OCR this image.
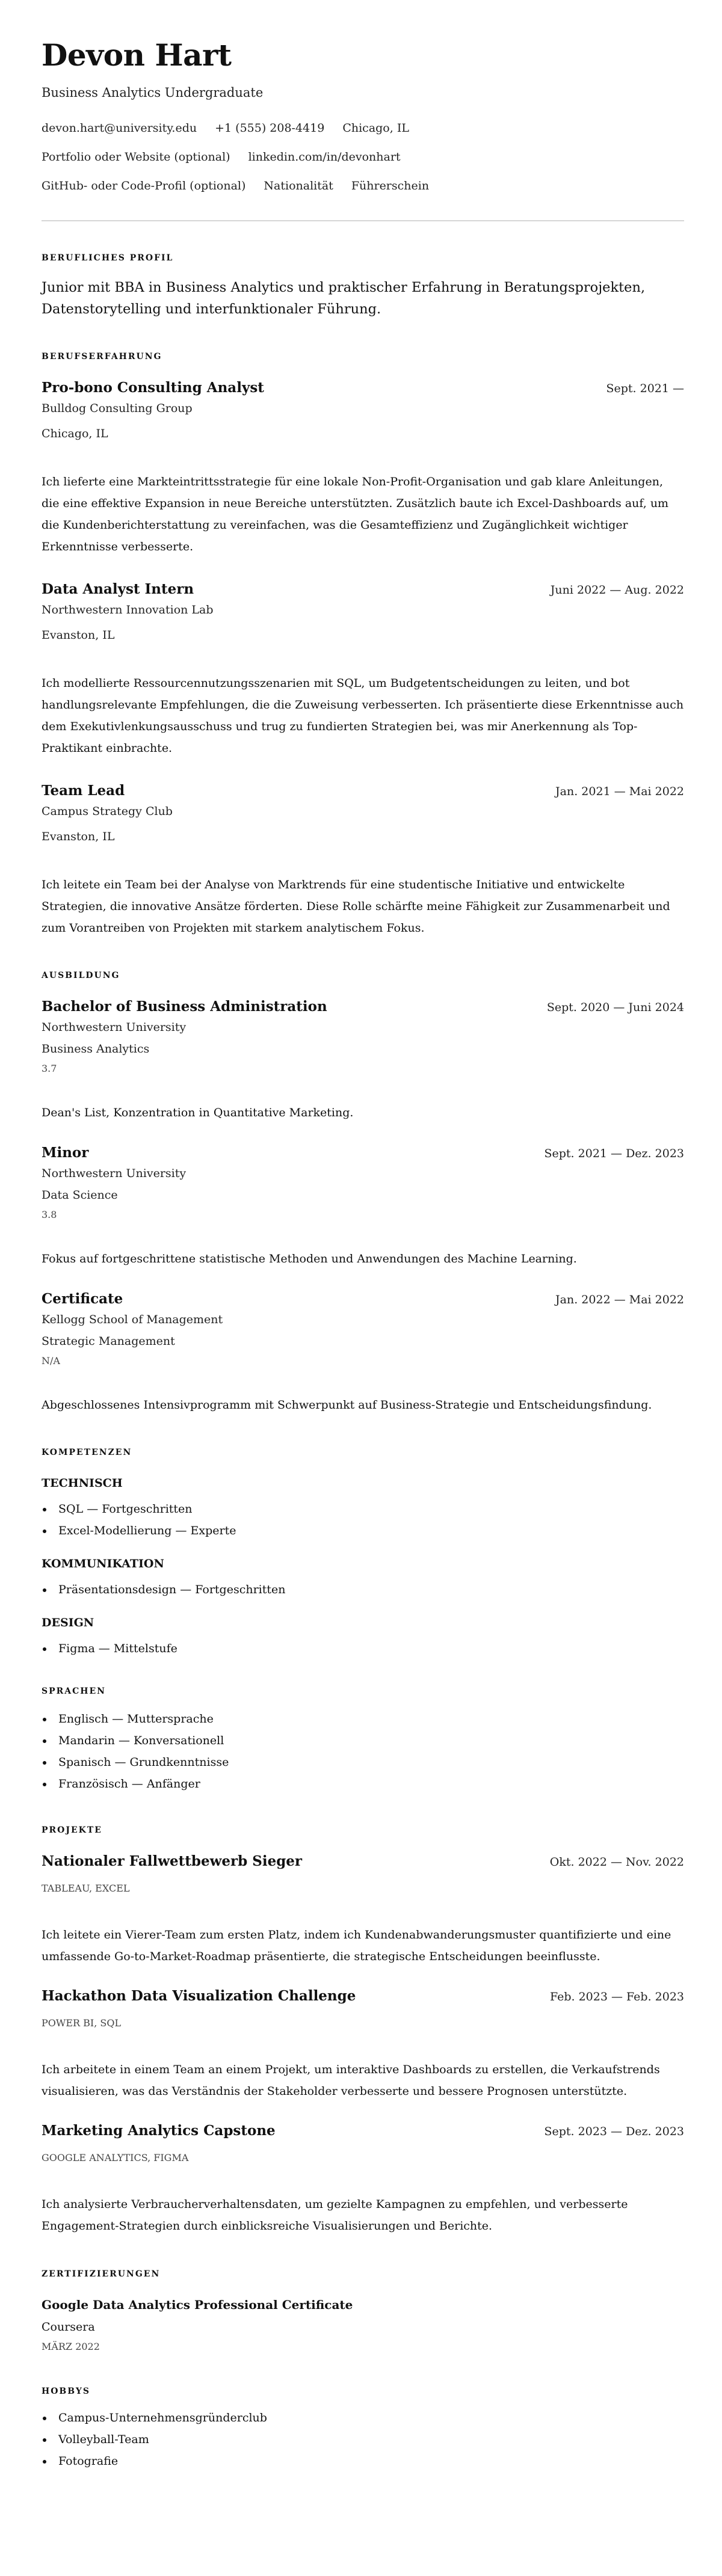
Devon Hart
Business Analytics Undergraduate
devon.hart@university.edu +1 (555) 208-4419 Chicago, IL
Portfolio oder Website (optional) linkedin.com/in/devonhart
GitHub- oder Code-Profil (optional) Nationalität Führerschein
BERUFLICHES PROFIL
Junior mit BBA in Business Analytics und praktischer Erfahrung in Beratungsprojekten, Datenstorytelling und interfunktionaler Führung.
BERUFSERFAHRUNG
Pro-bono Consulting Analyst	Sept. 2021 —
Bulldog Consulting Group
Chicago, IL
Ich lieferte eine Markteintrittsstrategie für eine lokale Non-Profit-Organisation und gab klare Anleitungen, die eine effektive Expansion in neue Bereiche unterstützten. Zusätzlich baute ich Excel-Dashboards auf, um die Kundenberichterstattung zu vereinfachen, was die Gesamteffizienz und Zugänglichkeit wichtiger Erkenntnisse verbesserte.
Data Analyst Intern	Juni 2022 — Aug. 2022
Northwestern Innovation Lab
Evanston, IL
Ich modellierte Ressourcennutzungsszenarien mit SQL, um Budgetentscheidungen zu leiten, und bot handlungsrelevante Empfehlungen, die die Zuweisung verbesserten. Ich präsentierte diese Erkenntnisse auch dem Exekutivlenkungsausschuss und trug zu fundierten Strategien bei, was mir Anerkennung als Top-Praktikant einbrachte.
Team Lead	Jan. 2021 — Mai 2022
Campus Strategy Club
Evanston, IL
Ich leitete ein Team bei der Analyse von Marktrends für eine studentische Initiative und entwickelte Strategien, die innovative Ansätze förderten. Diese Rolle schärfte meine Fähigkeit zur Zusammenarbeit und zum Vorantreiben von Projekten mit starkem analytischem Fokus.
AUSBILDUNG
Bachelor of Business Administration	Sept. 2020 — Juni 2024
Northwestern University
Business Analytics
3.7
Dean's List, Konzentration in Quantitative Marketing.
Minor	Sept. 2021 — Dez. 2023
Northwestern University
Data Science
3.8
Fokus auf fortgeschrittene statistische Methoden und Anwendungen des Machine Learning.
Certificate	Jan. 2022 — Mai 2022
Kellogg School of Management
Strategic Management
N/A
Abgeschlossenes Intensivprogramm mit Schwerpunkt auf Business-Strategie und Entscheidungsfindung.
KOMPETENZEN
TECHNISCH
SQL — Fortgeschritten
Excel-Modellierung — Experte
KOMMUNIKATION
Präsentationsdesign — Fortgeschritten
DESIGN
Figma — Mittelstufe
SPRACHEN
Englisch — Muttersprache
Mandarin — Konversationell
Spanisch — Grundkenntnisse
Französisch — Anfänger
PROJEKTE
Nationaler Fallwettbewerb Sieger	Okt. 2022 — Nov. 2022
TABLEAU, EXCEL
Ich leitete ein Vierer-Team zum ersten Platz, indem ich Kundenabwanderungsmuster quantifizierte und eine umfassende Go-to-Market-Roadmap präsentierte, die strategische Entscheidungen beeinflusste.
Hackathon Data Visualization Challenge	Feb. 2023 — Feb. 2023
POWER BI, SQL
Ich arbeitete in einem Team an einem Projekt, um interaktive Dashboards zu erstellen, die Verkaufstrends visualisieren, was das Verständnis der Stakeholder verbesserte und bessere Prognosen unterstützte.
Marketing Analytics Capstone	Sept. 2023 — Dez. 2023
GOOGLE ANALYTICS, FIGMA
Ich analysierte Verbraucherverhaltensdaten, um gezielte Kampagnen zu empfehlen, und verbesserte Engagement-Strategien durch einblicksreiche Visualisierungen und Berichte.
ZERTIFIZIERUNGEN
Google Data Analytics Professional Certificate
Coursera
MÄRZ 2022
HOBBYS
Campus-Unternehmensgründerclub
Volleyball-Team
Fotografie
